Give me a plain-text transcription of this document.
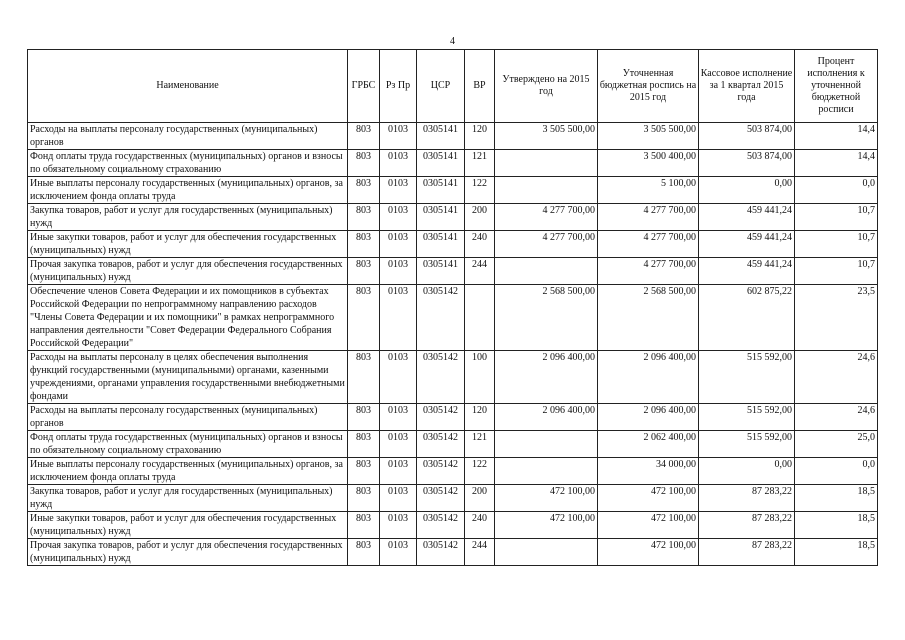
4
Наименование	ГРБС	Рз Пр	ЦСР	ВР	Утверждено на 2015 год	Уточненная бюджетная роспись на 2015 год	Кассовое исполнение за 1 квартал 2015 года	Процент исполнения к уточненной бюджетной росписи
Расходы на выплаты персоналу государственных (муниципальных) органов	803	0103	0305141	120	3 505 500,00	3 505 500,00	503 874,00	14,4
Фонд оплаты труда государственных (муниципальных) органов и взносы по обязательному социальному страхованию	803	0103	0305141	121		3 500 400,00	503 874,00	14,4
Иные выплаты персоналу государственных (муниципальных) органов, за исключением фонда оплаты труда	803	0103	0305141	122		5 100,00	0,00	0,0
Закупка товаров, работ и услуг для государственных (муниципальных) нужд	803	0103	0305141	200	4 277 700,00	4 277 700,00	459 441,24	10,7
Иные закупки товаров, работ и услуг для обеспечения государственных (муниципальных) нужд	803	0103	0305141	240	4 277 700,00	4 277 700,00	459 441,24	10,7
Прочая закупка товаров, работ и услуг для обеспечения государственных (муниципальных) нужд	803	0103	0305141	244		4 277 700,00	459 441,24	10,7
Обеспечение членов Совета Федерации и их помощников в субъектах Российской Федерации по непрограммному направлению расходов "Члены Совета Федерации и их помощники" в рамках непрограммного направления деятельности "Совет Федерации Федерального Собрания Российской Федерации"	803	0103	0305142		2 568 500,00	2 568 500,00	602 875,22	23,5
Расходы на выплаты персоналу в целях обеспечения выполнения функций государственными (муниципальными) органами, казенными учреждениями, органами управления государственными внебюджетными фондами	803	0103	0305142	100	2 096 400,00	2 096 400,00	515 592,00	24,6
Расходы на выплаты персоналу государственных (муниципальных) органов	803	0103	0305142	120	2 096 400,00	2 096 400,00	515 592,00	24,6
Фонд оплаты труда государственных (муниципальных) органов и взносы по обязательному социальному страхованию	803	0103	0305142	121		2 062 400,00	515 592,00	25,0
Иные выплаты персоналу государственных (муниципальных) органов, за исключением фонда оплаты труда	803	0103	0305142	122		34 000,00	0,00	0,0
Закупка товаров, работ и услуг для государственных (муниципальных) нужд	803	0103	0305142	200	472 100,00	472 100,00	87 283,22	18,5
Иные закупки товаров, работ и услуг для обеспечения государственных (муниципальных) нужд	803	0103	0305142	240	472 100,00	472 100,00	87 283,22	18,5
Прочая закупка товаров, работ и услуг для обеспечения государственных (муниципальных) нужд	803	0103	0305142	244		472 100,00	87 283,22	18,5
